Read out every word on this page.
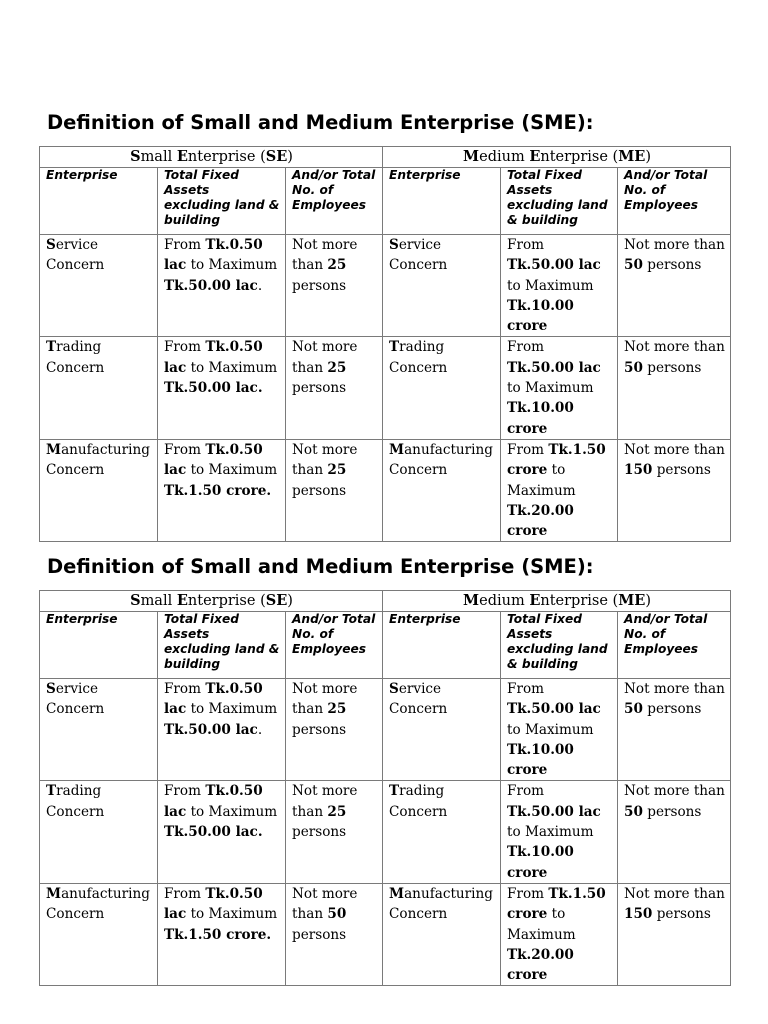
Definition of Small and Medium Enterprise (SME):
Small Enterprise (SE)			Medium Enterprise (ME)		
Enterprise	Total Fixed Assets excluding land & building	And/or Total No. of Employees	Enterprise	Total Fixed Assets excluding land & building	And/or Total No. of Employees
Service Concern	From Tk.0.50 lac to Maximum Tk.50.00 lac.	Not more than 25 persons	Service Concern	From Tk.50.00 lac to Maximum Tk.10.00 crore	Not more than 50 persons
Trading Concern	From Tk.0.50 lac to Maximum Tk.50.00 lac.	Not more than 25 persons	Trading Concern	From Tk.50.00 lac to Maximum Tk.10.00 crore	Not more than 50 persons
Manufacturing Concern	From Tk.0.50 lac to Maximum Tk.1.50 crore.	Not more than 25 persons	Manufacturing Concern	From Tk.1.50 crore to Maximum Tk.20.00 crore	Not more than 150 persons
Definition of Small and Medium Enterprise (SME):
Small Enterprise (SE)			Medium Enterprise (ME)		
Enterprise	Total Fixed Assets excluding land & building	And/or Total No. of Employees	Enterprise	Total Fixed Assets excluding land & building	And/or Total No. of Employees
Service Concern	From Tk.0.50 lac to Maximum Tk.50.00 lac.	Not more than 25 persons	Service Concern	From Tk.50.00 lac to Maximum Tk.10.00 crore	Not more than 50 persons
Trading Concern	From Tk.0.50 lac to Maximum Tk.50.00 lac.	Not more than 25 persons	Trading Concern	From Tk.50.00 lac to Maximum Tk.10.00 crore	Not more than 50 persons
Manufacturing Concern	From Tk.0.50 lac to Maximum Tk.1.50 crore.	Not more than 50 persons	Manufacturing Concern	From Tk.1.50 crore to Maximum Tk.20.00 crore	Not more than 150 persons
